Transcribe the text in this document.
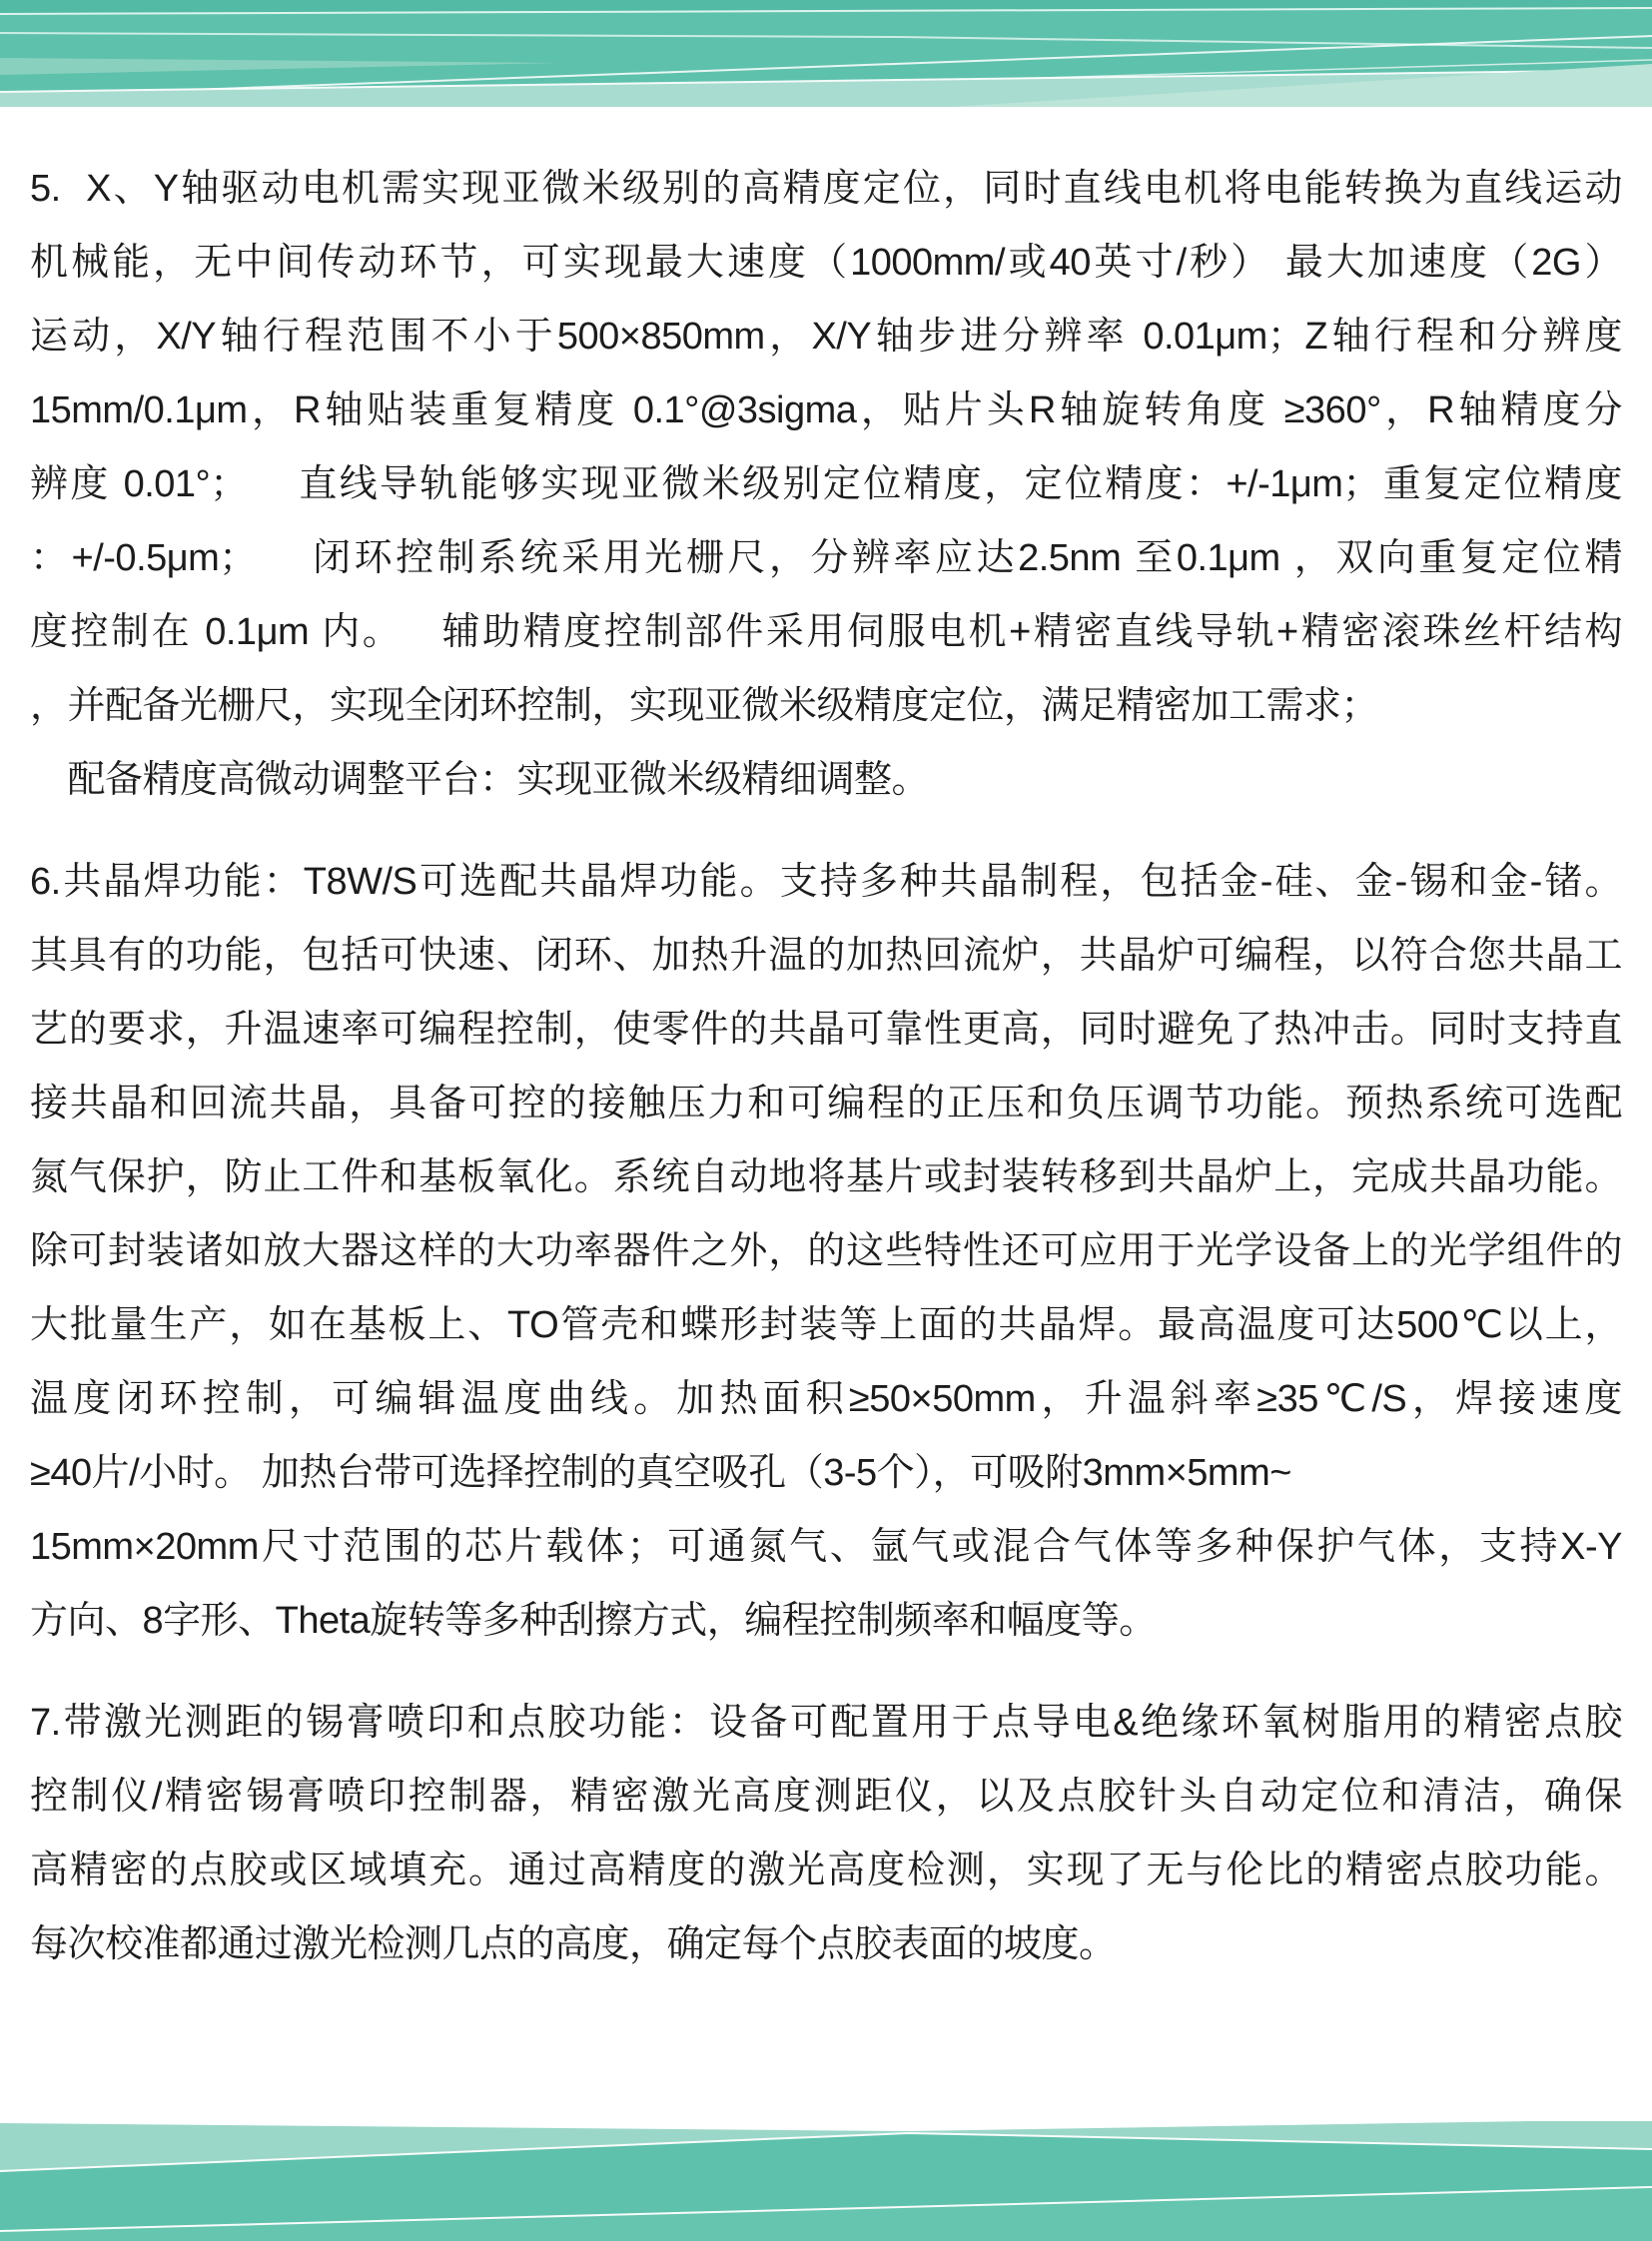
5.  X、Y轴驱动电机需实现亚微米级别的高精度定位，同时直线电机将电能转换为直线运动
机械能，无中间传动环节，可实现最大速度（1000mm/或40英寸/秒） 最大加速度（2G）
运动，X/Y轴行程范围不小于500×850mm，X/Y轴步进分辨率 0.01μm；Z轴行程和分辨度
15mm/0.1μm，R轴贴装重复精度 0.1°@3sigma，贴片头R轴旋转角度 ≥360°，R轴精度分
辨度 0.01°；    直线导轨能够实现亚微米级别定位精度，定位精度：+/-1μm；重复定位精度
：+/-0.5μm；    闭环控制系统采用光栅尺，分辨率应达2.5nm 至0.1μm ，双向重复定位精
度控制在 0.1μm 内。   辅助精度控制部件采用伺服电机+精密直线导轨+精密滚珠丝杆结构
，并配备光栅尺，实现全闭环控制，实现亚微米级精度定位，满足精密加工需求；
　配备精度高微动调整平台：实现亚微米级精细调整。
6.共晶焊功能：T8W/S可选配共晶焊功能。支持多种共晶制程，包括金-硅、金-锡和金-锗。
其具有的功能，包括可快速、闭环、加热升温的加热回流炉，共晶炉可编程，以符合您共晶工
艺的要求，升温速率可编程控制，使零件的共晶可靠性更高，同时避免了热冲击。同时支持直
接共晶和回流共晶，具备可控的接触压力和可编程的正压和负压调节功能。预热系统可选配
氮气保护，防止工件和基板氧化。系统自动地将基片或封装转移到共晶炉上，完成共晶功能。
除可封装诸如放大器这样的大功率器件之外，的这些特性还可应用于光学设备上的光学组件的
大批量生产，如在基板上、TO管壳和蝶形封装等上面的共晶焊。最高温度可达500℃以上，
温度闭环控制，可编辑温度曲线。加热面积≥50×50mm，升温斜率≥35℃/S，焊接速度
≥40片/小时。 加热台带可选择控制的真空吸孔（3-5个），可吸附3mm×5mm~
15mm×20mm尺寸范围的芯片载体；可通氮气、氩气或混合气体等多种保护气体，支持X-Y
方向、8字形、Theta旋转等多种刮擦方式，编程控制频率和幅度等。
7.带激光测距的锡膏喷印和点胶功能：设备可配置用于点导电&绝缘环氧树脂用的精密点胶
控制仪/精密锡膏喷印控制器，精密激光高度测距仪，以及点胶针头自动定位和清洁，确保
高精密的点胶或区域填充。通过高精度的激光高度检测，实现了无与伦比的精密点胶功能。
每次校准都通过激光检测几点的高度，确定每个点胶表面的坡度。
